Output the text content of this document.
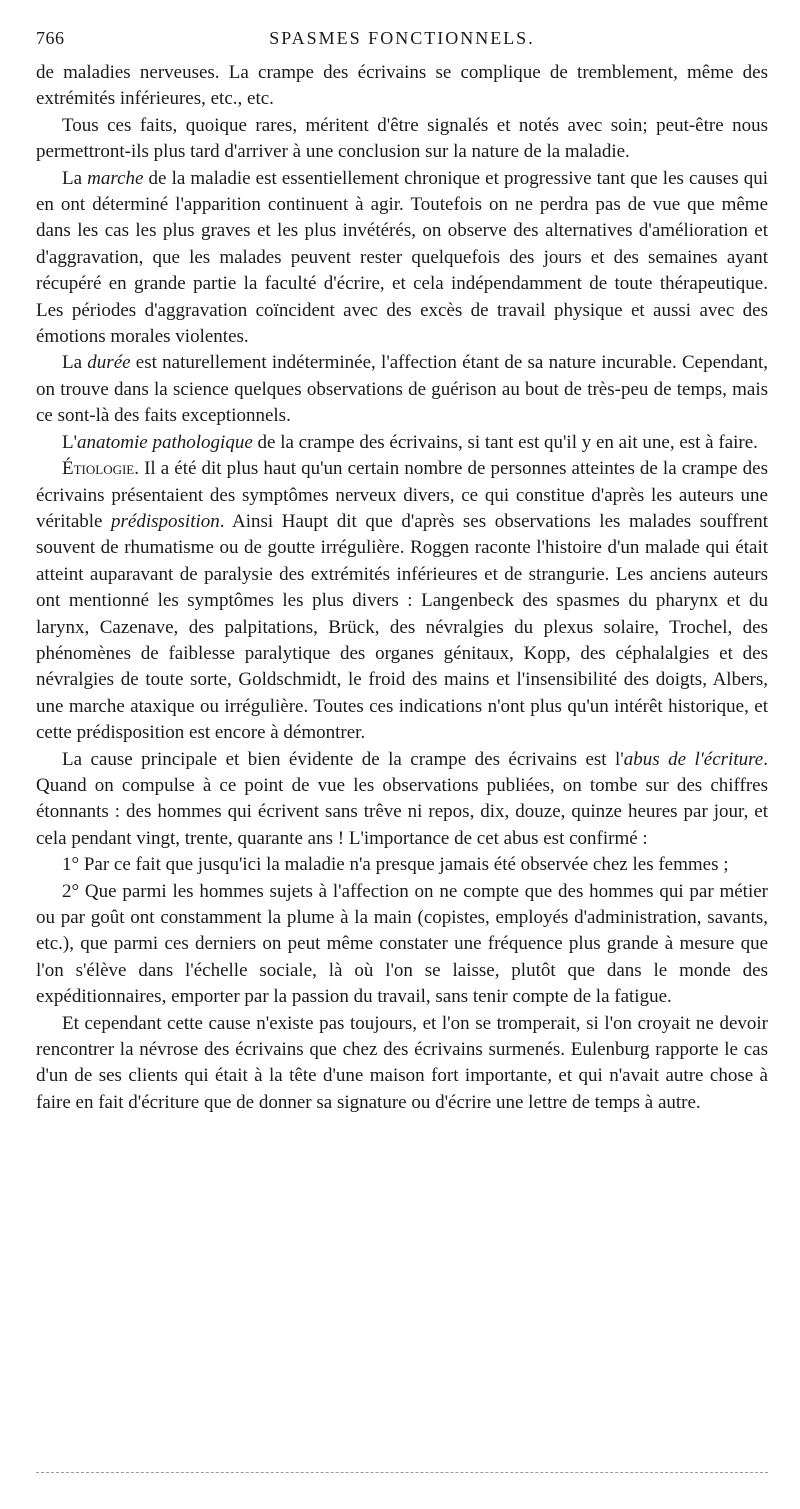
766	SPASMES FONCTIONNELS.

de maladies nerveuses. La crampe des écrivains se complique de tremblement, même des extrémités inférieures, etc., etc.

Tous ces faits, quoique rares, méritent d'être signalés et notés avec soin; peut-être nous permettront-ils plus tard d'arriver à une conclusion sur la nature de la maladie.

La marche de la maladie est essentiellement chronique et progressive tant que les causes qui en ont déterminé l'apparition continuent à agir. Toutefois on ne perdra pas de vue que même dans les cas les plus graves et les plus invétérés, on observe des alternatives d'amélioration et d'aggravation, que les malades peuvent rester quelquefois des jours et des semaines ayant récupéré en grande partie la faculté d'écrire, et cela indépendamment de toute thérapeutique. Les périodes d'aggravation coïncident avec des excès de travail physique et aussi avec des émotions morales violentes.

La durée est naturellement indéterminée, l'affection étant de sa nature incurable. Cependant, on trouve dans la science quelques observations de guérison au bout de très-peu de temps, mais ce sont-là des faits exceptionnels.

L'anatomie pathologique de la crampe des écrivains, si tant est qu'il y en ait une, est à faire.

Étiologie. Il a été dit plus haut qu'un certain nombre de personnes atteintes de la crampe des écrivains présentaient des symptômes nerveux divers, ce qui constitue d'après les auteurs une véritable prédisposition. Ainsi Haupt dit que d'après ses observations les malades souffrent souvent de rhumatisme ou de goutte irrégulière. Roggen raconte l'histoire d'un malade qui était atteint auparavant de paralysie des extrémités inférieures et de strangurie. Les anciens auteurs ont mentionné les symptômes les plus divers : Langenbeck des spasmes du pharynx et du larynx, Cazenave, des palpitations, Brück, des névralgies du plexus solaire, Trochel, des phénomènes de faiblesse paralytique des organes génitaux, Kopp, des céphalalgies et des névralgies de toute sorte, Goldschmidt, le froid des mains et l'insensibilité des doigts, Albers, une marche ataxique ou irrégulière. Toutes ces indications n'ont plus qu'un intérêt historique, et cette prédisposition est encore à démontrer.

La cause principale et bien évidente de la crampe des écrivains est l'abus de l'écriture. Quand on compulse à ce point de vue les observations publiées, on tombe sur des chiffres étonnants : des hommes qui écrivent sans trêve ni repos, dix, douze, quinze heures par jour, et cela pendant vingt, trente, quarante ans ! L'importance de cet abus est confirmé :

1° Par ce fait que jusqu'ici la maladie n'a presque jamais été observée chez les femmes ;

2° Que parmi les hommes sujets à l'affection on ne compte que des hommes qui par métier ou par goût ont constamment la plume à la main (copistes, employés d'administration, savants, etc.), que parmi ces derniers on peut même constater une fréquence plus grande à mesure que l'on s'élève dans l'échelle sociale, là où l'on se laisse, plutôt que dans le monde des expéditionnaires, emporter par la passion du travail, sans tenir compte de la fatigue.

Et cependant cette cause n'existe pas toujours, et l'on se tromperait, si l'on croyait ne devoir rencontrer la névrose des écrivains que chez des écrivains surmenés. Eulenburg rapporte le cas d'un de ses clients qui était à la tête d'une maison fort importante, et qui n'avait autre chose à faire en fait d'écriture que de donner sa signature ou d'écrire une lettre de temps à autre.
